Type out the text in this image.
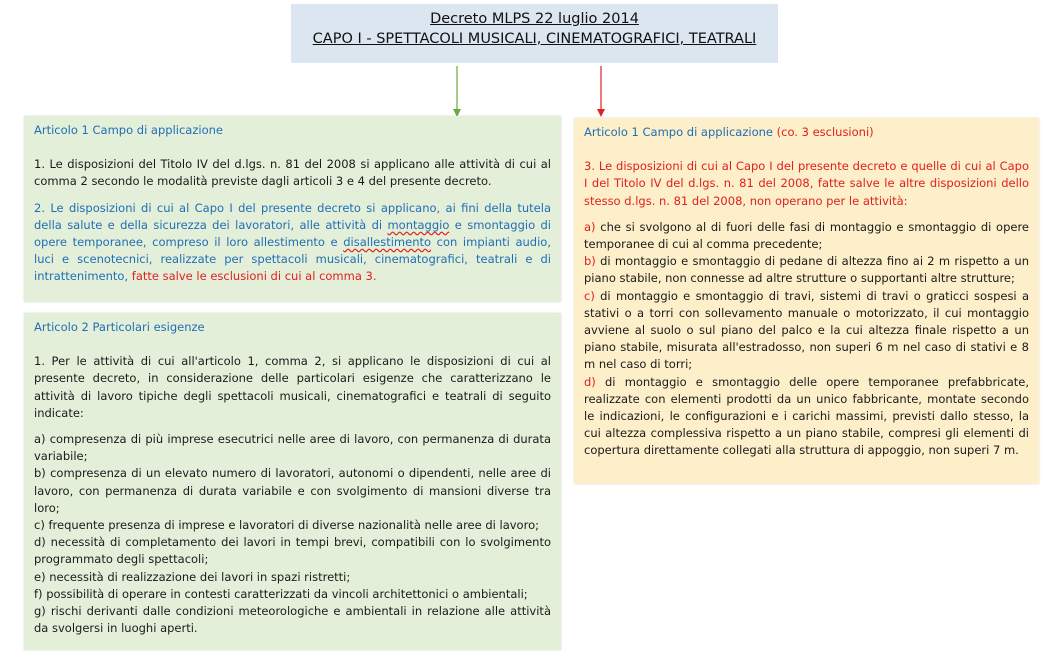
Decreto MLPS 22 luglio 2014
CAPO I - SPETTACOLI MUSICALI, CINEMATOGRAFICI, TEATRALI

Articolo 1 Campo di applicazione

1. Le disposizioni del Titolo IV del d.lgs. n. 81 del 2008 si applicano alle attività di cui al comma 2 secondo le modalità previste dagli articoli 3 e 4 del presente decreto.

2. Le disposizioni di cui al Capo I del presente decreto si applicano, ai fini della tutela della salute e della sicurezza dei lavoratori, alle attività di montaggio e smontaggio di opere temporanee, compreso il loro allestimento e disallestimento con impianti audio, luci e scenotecnici, realizzate per spettacoli musicali, cinematografici, teatrali e di intrattenimento, fatte salve le esclusioni di cui al comma 3.

Articolo 2 Particolari esigenze

1. Per le attività di cui all'articolo 1, comma 2, si applicano le disposizioni di cui al presente decreto, in considerazione delle particolari esigenze che caratterizzano le attività di lavoro tipiche degli spettacoli musicali, cinematografici e teatrali di seguito indicate:

a) compresenza di più imprese esecutrici nelle aree di lavoro, con permanenza di durata variabile;

b) compresenza di un elevato numero di lavoratori, autonomi o dipendenti, nelle aree di lavoro, con permanenza di durata variabile e con svolgimento di mansioni diverse tra loro;

c) frequente presenza di imprese e lavoratori di diverse nazionalità nelle aree di lavoro;

d) necessità di completamento dei lavori in tempi brevi, compatibili con lo svolgimento programmato degli spettacoli;

e) necessità di realizzazione dei lavori in spazi ristretti;

f) possibilità di operare in contesti caratterizzati da vincoli architettonici o ambientali;

g) rischi derivanti dalle condizioni meteorologiche e ambientali in relazione alle attività da svolgersi in luoghi aperti.

Articolo 1 Campo di applicazione (co. 3 esclusioni)

3. Le disposizioni di cui al Capo I del presente decreto e quelle di cui al Capo I del Titolo IV del d.lgs. n. 81 del 2008, fatte salve le altre disposizioni dello stesso d.lgs. n. 81 del 2008, non operano per le attività:

a) che si svolgono al di fuori delle fasi di montaggio e smontaggio di opere temporanee di cui al comma precedente;

b) di montaggio e smontaggio di pedane di altezza fino ai 2 m rispetto a un piano stabile, non connesse ad altre strutture o supportanti altre strutture;

c) di montaggio e smontaggio di travi, sistemi di travi o graticci sospesi a stativi o a torri con sollevamento manuale o motorizzato, il cui montaggio avviene al suolo o sul piano del palco e la cui altezza finale rispetto a un piano stabile, misurata all'estradosso, non superi 6 m nel caso di stativi e 8 m nel caso di torri;

d) di montaggio e smontaggio delle opere temporanee prefabbricate, realizzate con elementi prodotti da un unico fabbricante, montate secondo le indicazioni, le configurazioni e i carichi massimi, previsti dallo stesso, la cui altezza complessiva rispetto a un piano stabile, compresi gli elementi di copertura direttamente collegati alla struttura di appoggio, non superi 7 m.
